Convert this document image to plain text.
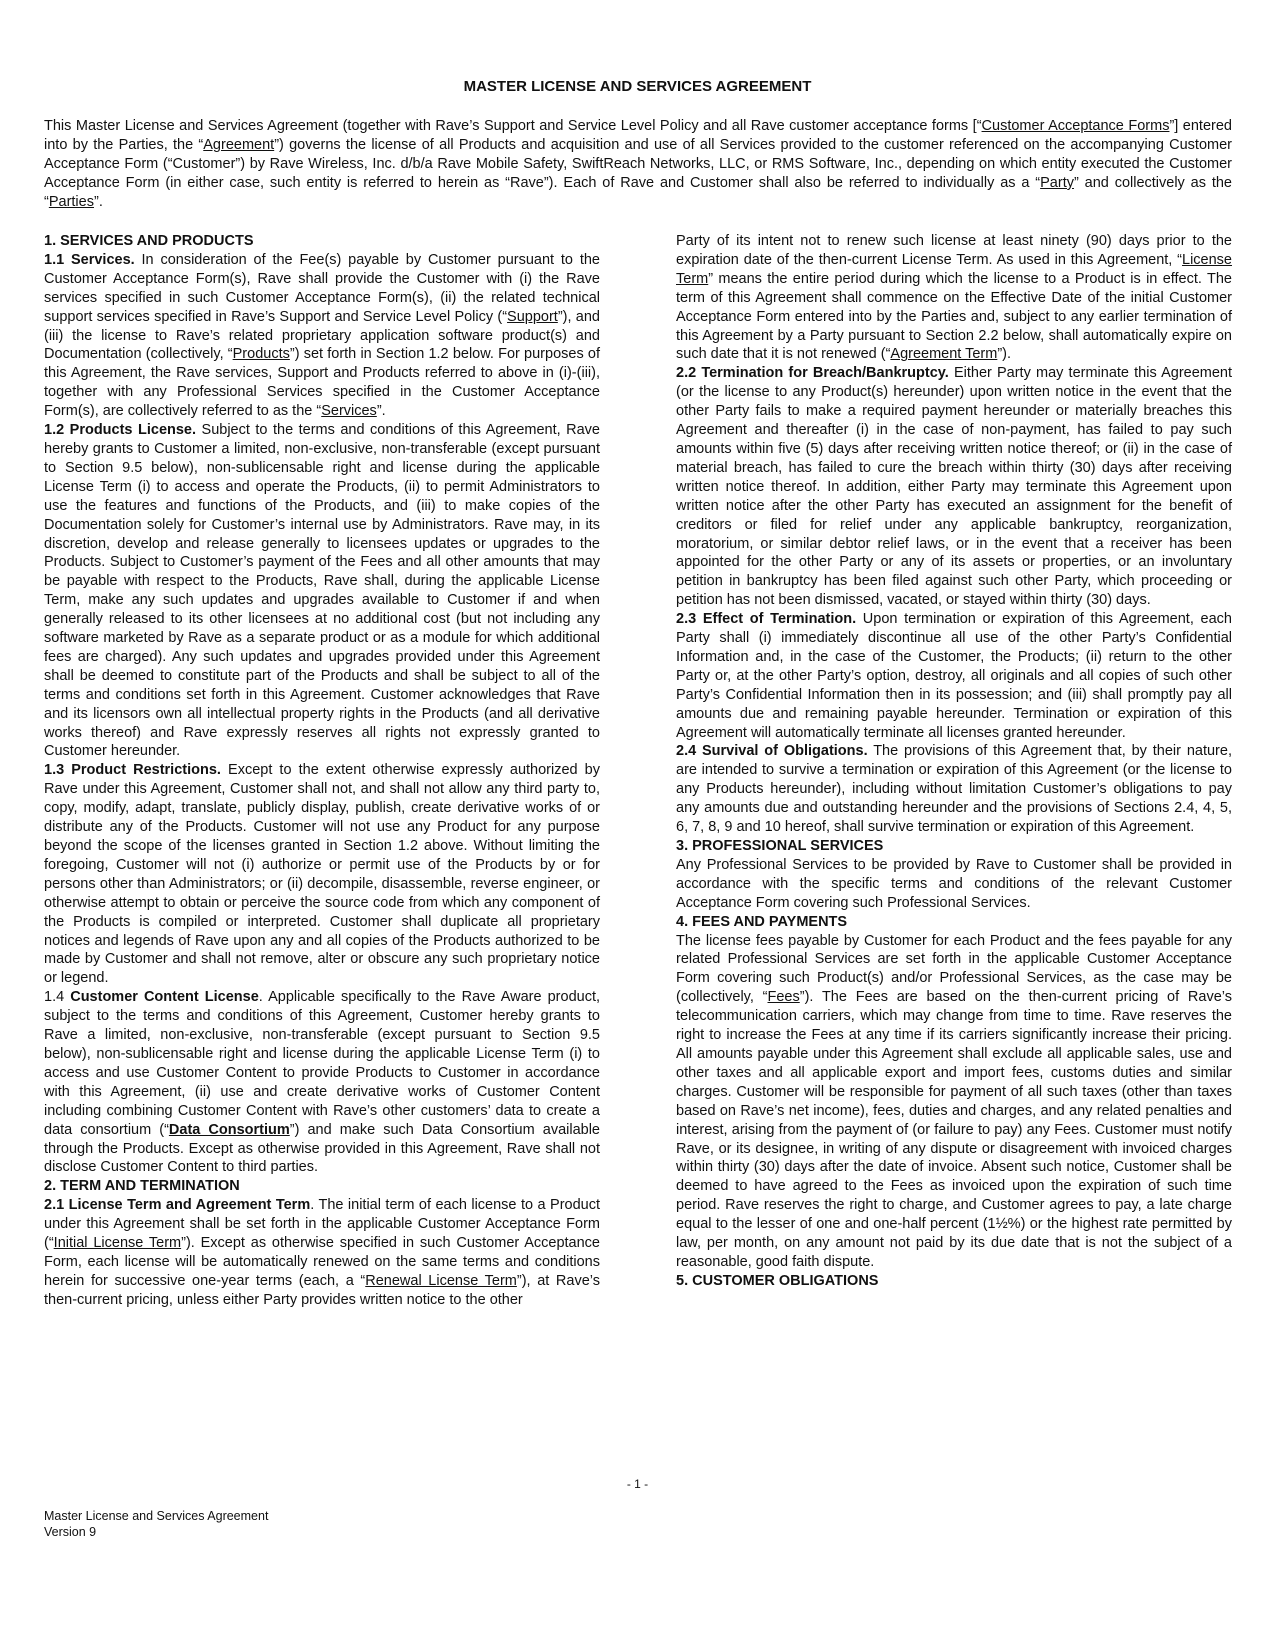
MASTER LICENSE AND SERVICES AGREEMENT
This Master License and Services Agreement (together with Rave’s Support and Service Level Policy and all Rave customer acceptance forms [“Customer Acceptance Forms”] entered into by the Parties, the “Agreement”) governs the license of all Products and acquisition and use of all Services provided to the customer referenced on the accompanying Customer Acceptance Form (“Customer”) by Rave Wireless, Inc. d/b/a Rave Mobile Safety, SwiftReach Networks, LLC, or RMS Software, Inc., depending on which entity executed the Customer Acceptance Form (in either case, such entity is referred to herein as “Rave”). Each of Rave and Customer shall also be referred to individually as a “Party” and collectively as the “Parties”.

1. SERVICES AND PRODUCTS

1.1 Services. In consideration of the Fee(s) payable by Customer pursuant to the Customer Acceptance Form(s), Rave shall provide the Customer with (i) the Rave services specified in such Customer Acceptance Form(s), (ii) the related technical support services specified in Rave’s Support and Service Level Policy (“Support”), and (iii) the license to Rave’s related proprietary application software product(s) and Documentation (collectively, “Products”) set forth in Section 1.2 below. For purposes of this Agreement, the Rave services, Support and Products referred to above in (i)-(iii), together with any Professional Services specified in the Customer Acceptance Form(s), are collectively referred to as the “Services”.

1.2 Products License. Subject to the terms and conditions of this Agreement, Rave hereby grants to Customer a limited, non-exclusive, non-transferable (except pursuant to Section 9.5 below), non-sublicensable right and license during the applicable License Term (i) to access and operate the Products, (ii) to permit Administrators to use the features and functions of the Products, and (iii) to make copies of the Documentation solely for Customer’s internal use by Administrators. Rave may, in its discretion, develop and release generally to licensees updates or upgrades to the Products. Subject to Customer’s payment of the Fees and all other amounts that may be payable with respect to the Products, Rave shall, during the applicable License Term, make any such updates and upgrades available to Customer if and when generally released to its other licensees at no additional cost (but not including any software marketed by Rave as a separate product or as a module for which additional fees are charged). Any such updates and upgrades provided under this Agreement shall be deemed to constitute part of the Products and shall be subject to all of the terms and conditions set forth in this Agreement. Customer acknowledges that Rave and its licensors own all intellectual property rights in the Products (and all derivative works thereof) and Rave expressly reserves all rights not expressly granted to Customer hereunder.

1.3 Product Restrictions. Except to the extent otherwise expressly authorized by Rave under this Agreement, Customer shall not, and shall not allow any third party to, copy, modify, adapt, translate, publicly display, publish, create derivative works of or distribute any of the Products. Customer will not use any Product for any purpose beyond the scope of the licenses granted in Section 1.2 above. Without limiting the foregoing, Customer will not (i) authorize or permit use of the Products by or for persons other than Administrators; or (ii) decompile, disassemble, reverse engineer, or otherwise attempt to obtain or perceive the source code from which any component of the Products is compiled or interpreted. Customer shall duplicate all proprietary notices and legends of Rave upon any and all copies of the Products authorized to be made by Customer and shall not remove, alter or obscure any such proprietary notice or legend.

1.4 Customer Content License. Applicable specifically to the Rave Aware product, subject to the terms and conditions of this Agreement, Customer hereby grants to Rave a limited, non-exclusive, non-transferable (except pursuant to Section 9.5 below), non-sublicensable right and license during the applicable License Term (i) to access and use Customer Content to provide Products to Customer in accordance with this Agreement, (ii) use and create derivative works of Customer Content including combining Customer Content with Rave’s other customers’ data to create a data consortium (“Data Consortium”) and make such Data Consortium available through the Products. Except as otherwise provided in this Agreement, Rave shall not disclose Customer Content to third parties.

2. TERM AND TERMINATION

2.1 License Term and Agreement Term. The initial term of each license to a Product under this Agreement shall be set forth in the applicable Customer Acceptance Form (“Initial License Term”). Except as otherwise specified in such Customer Acceptance Form, each license will be automatically renewed on the same terms and conditions herein for successive one-year terms (each, a “Renewal License Term”), at Rave’s then-current pricing, unless either Party provides written notice to the other

Party of its intent not to renew such license at least ninety (90) days prior to the expiration date of the then-current License Term. As used in this Agreement, “License Term” means the entire period during which the license to a Product is in effect. The term of this Agreement shall commence on the Effective Date of the initial Customer Acceptance Form entered into by the Parties and, subject to any earlier termination of this Agreement by a Party pursuant to Section 2.2 below, shall automatically expire on such date that it is not renewed (“Agreement Term”).

2.2 Termination for Breach/Bankruptcy. Either Party may terminate this Agreement (or the license to any Product(s) hereunder) upon written notice in the event that the other Party fails to make a required payment hereunder or materially breaches this Agreement and thereafter (i) in the case of non-payment, has failed to pay such amounts within five (5) days after receiving written notice thereof; or (ii) in the case of material breach, has failed to cure the breach within thirty (30) days after receiving written notice thereof. In addition, either Party may terminate this Agreement upon written notice after the other Party has executed an assignment for the benefit of creditors or filed for relief under any applicable bankruptcy, reorganization, moratorium, or similar debtor relief laws, or in the event that a receiver has been appointed for the other Party or any of its assets or properties, or an involuntary petition in bankruptcy has been filed against such other Party, which proceeding or petition has not been dismissed, vacated, or stayed within thirty (30) days.

2.3 Effect of Termination. Upon termination or expiration of this Agreement, each Party shall (i) immediately discontinue all use of the other Party’s Confidential Information and, in the case of the Customer, the Products; (ii) return to the other Party or, at the other Party’s option, destroy, all originals and all copies of such other Party’s Confidential Information then in its possession; and (iii) shall promptly pay all amounts due and remaining payable hereunder. Termination or expiration of this Agreement will automatically terminate all licenses granted hereunder.

2.4 Survival of Obligations. The provisions of this Agreement that, by their nature, are intended to survive a termination or expiration of this Agreement (or the license to any Products hereunder), including without limitation Customer’s obligations to pay any amounts due and outstanding hereunder and the provisions of Sections 2.4, 4, 5, 6, 7, 8, 9 and 10 hereof, shall survive termination or expiration of this Agreement.

3. PROFESSIONAL SERVICES

Any Professional Services to be provided by Rave to Customer shall be provided in accordance with the specific terms and conditions of the relevant Customer Acceptance Form covering such Professional Services.

4. FEES AND PAYMENTS

The license fees payable by Customer for each Product and the fees payable for any related Professional Services are set forth in the applicable Customer Acceptance Form covering such Product(s) and/or Professional Services, as the case may be (collectively, “Fees”). The Fees are based on the then-current pricing of Rave’s telecommunication carriers, which may change from time to time. Rave reserves the right to increase the Fees at any time if its carriers significantly increase their pricing. All amounts payable under this Agreement shall exclude all applicable sales, use and other taxes and all applicable export and import fees, customs duties and similar charges. Customer will be responsible for payment of all such taxes (other than taxes based on Rave’s net income), fees, duties and charges, and any related penalties and interest, arising from the payment of (or failure to pay) any Fees. Customer must notify Rave, or its designee, in writing of any dispute or disagreement with invoiced charges within thirty (30) days after the date of invoice. Absent such notice, Customer shall be deemed to have agreed to the Fees as invoiced upon the expiration of such time period. Rave reserves the right to charge, and Customer agrees to pay, a late charge equal to the lesser of one and one-half percent (1½%) or the highest rate permitted by law, per month, on any amount not paid by its due date that is not the subject of a reasonable, good faith dispute.

5. CUSTOMER OBLIGATIONS

- 1 -
Master License and Services Agreement
Version 9
